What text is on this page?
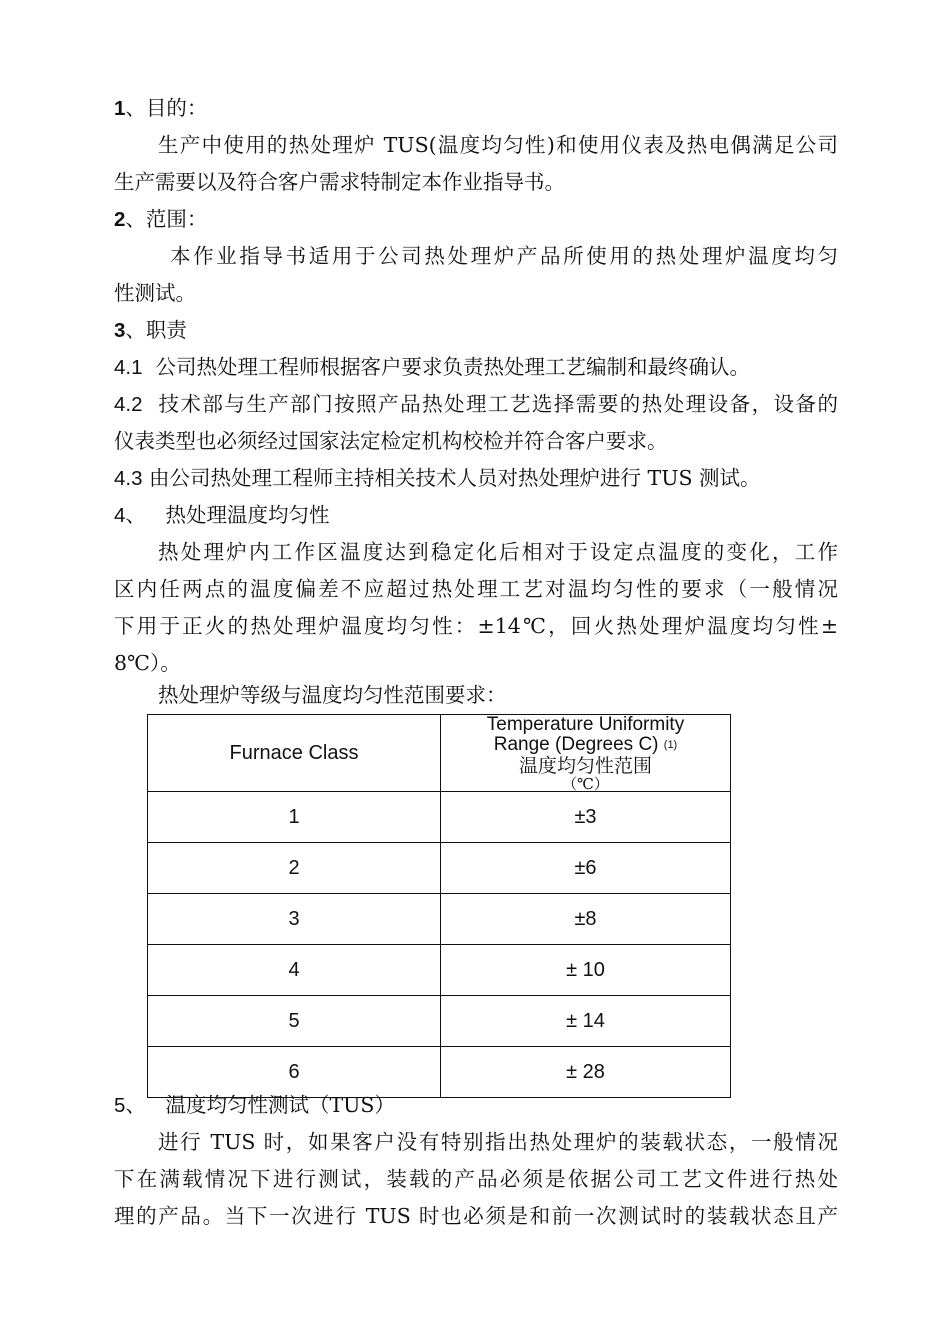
1、目的：
生产中使用的热处理炉 TUS(温度均匀性)和使用仪表及热电偶满足公司
生产需要以及符合客户需求特制定本作业指导书。
2、范围：
本作业指导书适用于公司热处理炉产品所使用的热处理炉温度均匀
性测试。
3、职责
4.1 公司热处理工程师根据客户要求负责热处理工艺编制和最终确认。
4.2 技术部与生产部门按照产品热处理工艺选择需要的热处理设备，设备的
仪表类型也必须经过国家法定检定机构校检并符合客户要求。
4.3 由公司热处理工程师主持相关技术人员对热处理炉进行 TUS 测试。
4、 热处理温度均匀性
热处理炉内工作区温度达到稳定化后相对于设定点温度的变化，工作
区内任两点的温度偏差不应超过热处理工艺对温均匀性的要求（一般情况
下用于正火的热处理炉温度均匀性：±14℃，回火热处理炉温度均匀性±
8℃）。
热处理炉等级与温度均匀性范围要求：
Furnace Class	Temperature Uniformity
Range (Degrees C) (1)
温度均匀性范围
（℃）

1	±3
2	±6
3	±8
4	± 10
5	± 14
6	± 28
5、 温度均匀性测试（TUS）
进行 TUS 时，如果客户没有特别指出热处理炉的装载状态，一般情况
下在满载情况下进行测试，装载的产品必须是依据公司工艺文件进行热处
理的产品。当下一次进行 TUS 时也必须是和前一次测试时的装载状态且产
